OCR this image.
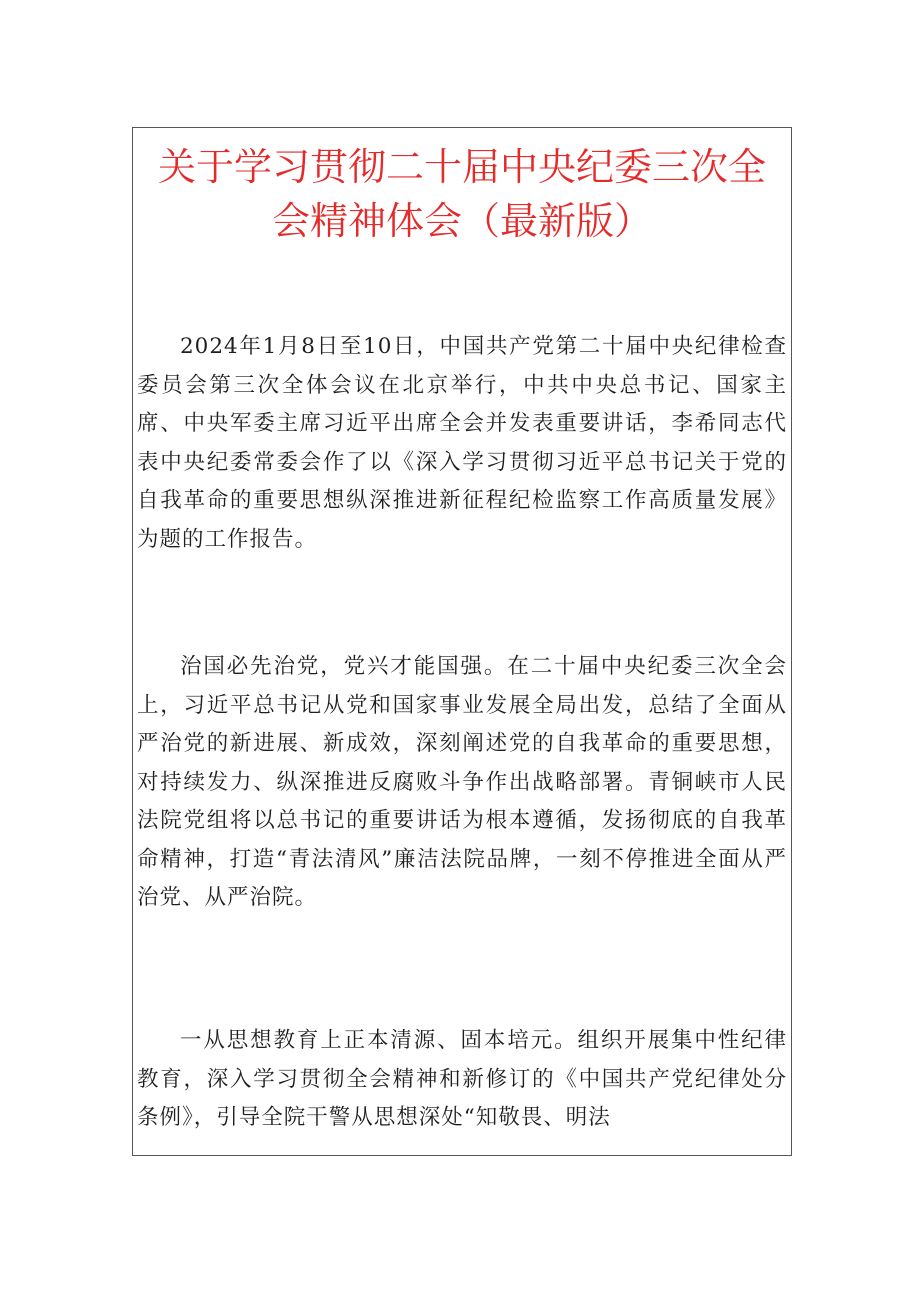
关于学习贯彻二十届中央纪委三次全会精神体会（最新版）

2024年1月8日至10日，中国共产党第二十届中央纪律检查委员会第三次全体会议在北京举行，中共中央总书记、国家主席、中央军委主席习近平出席全会并发表重要讲话，李希同志代表中央纪委常委会作了以《深入学习贯彻习近平总书记关于党的自我革命的重要思想纵深推进新征程纪检监察工作高质量发展》为题的工作报告。

治国必先治党，党兴才能国强。在二十届中央纪委三次全会上，习近平总书记从党和国家事业发展全局出发，总结了全面从严治党的新进展、新成效，深刻阐述党的自我革命的重要思想，对持续发力、纵深推进反腐败斗争作出战略部署。青铜峡市人民法院党组将以总书记的重要讲话为根本遵循，发扬彻底的自我革命精神，打造“青法清风”廉洁法院品牌，一刻不停推进全面从严治党、从严治院。

一从思想教育上正本清源、固本培元。组织开展集中性纪律教育，深入学习贯彻全会精神和新修订的《中国共产党纪律处分条例》，引导全院干警从思想深处“知敬畏、明法
